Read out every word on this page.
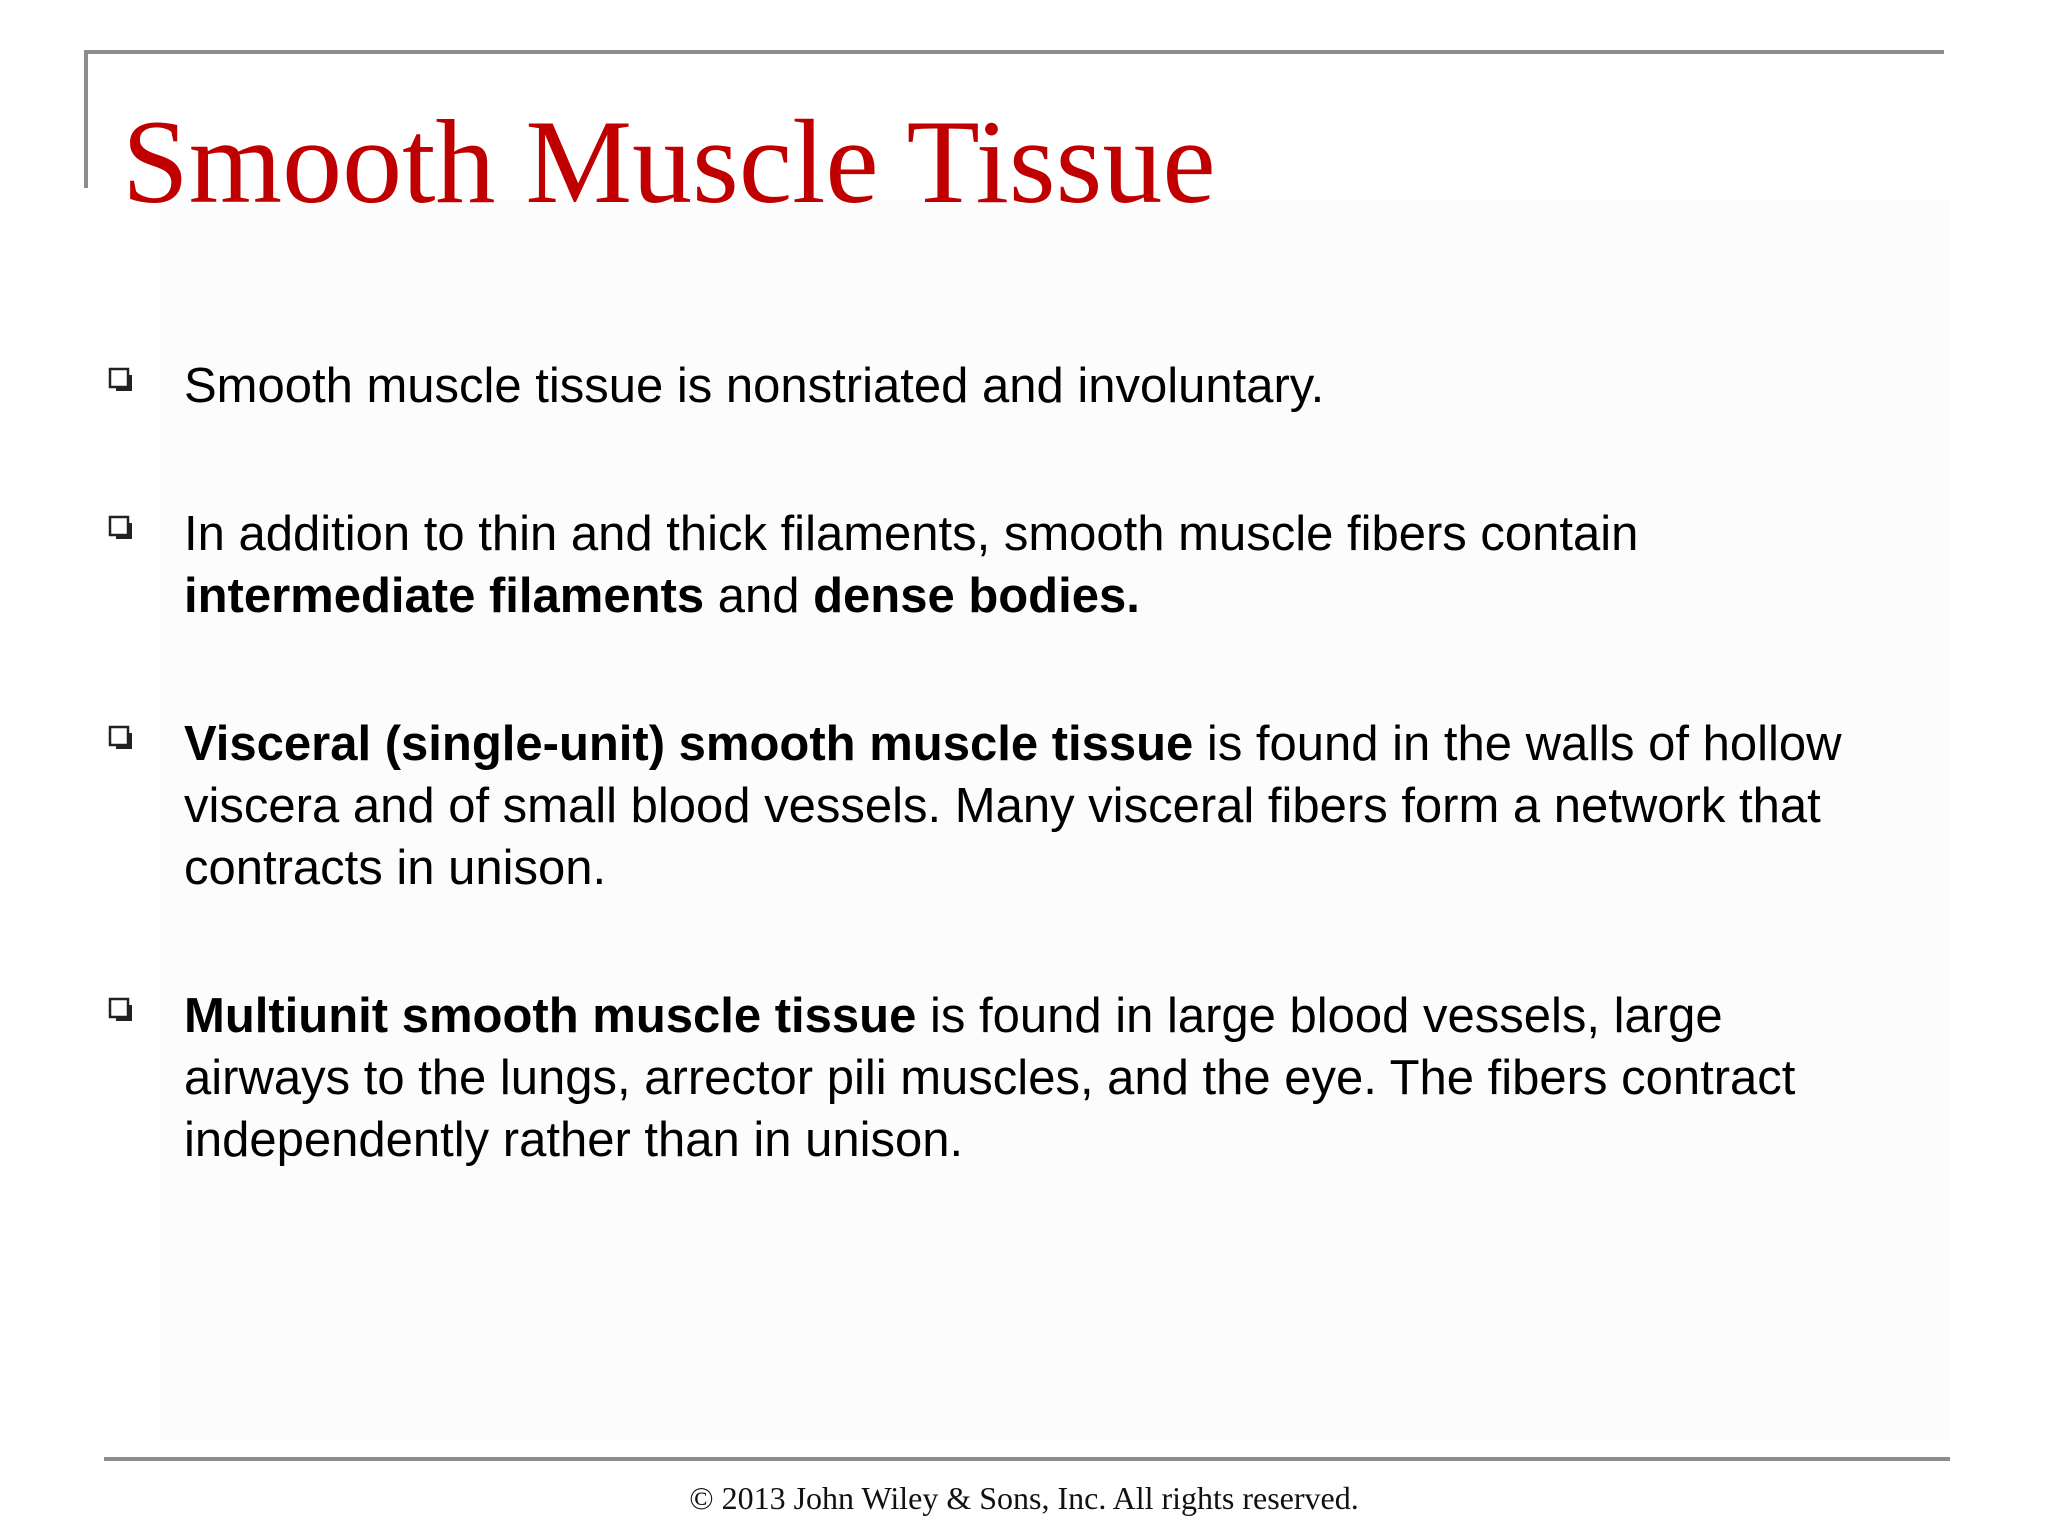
Smooth Muscle Tissue
Smooth muscle tissue is nonstriated and involuntary.
In addition to thin and thick filaments, smooth muscle fibers contain intermediate filaments and dense bodies.
Visceral (single-unit) smooth muscle tissue is found in the walls of hollow viscera and of small blood vessels. Many visceral fibers form a network that contracts in unison.
Multiunit smooth muscle tissue is found in large blood vessels, large airways to the lungs, arrector pili muscles, and the eye. The fibers contract independently rather than in unison.
© 2013 John Wiley & Sons, Inc. All rights reserved.
